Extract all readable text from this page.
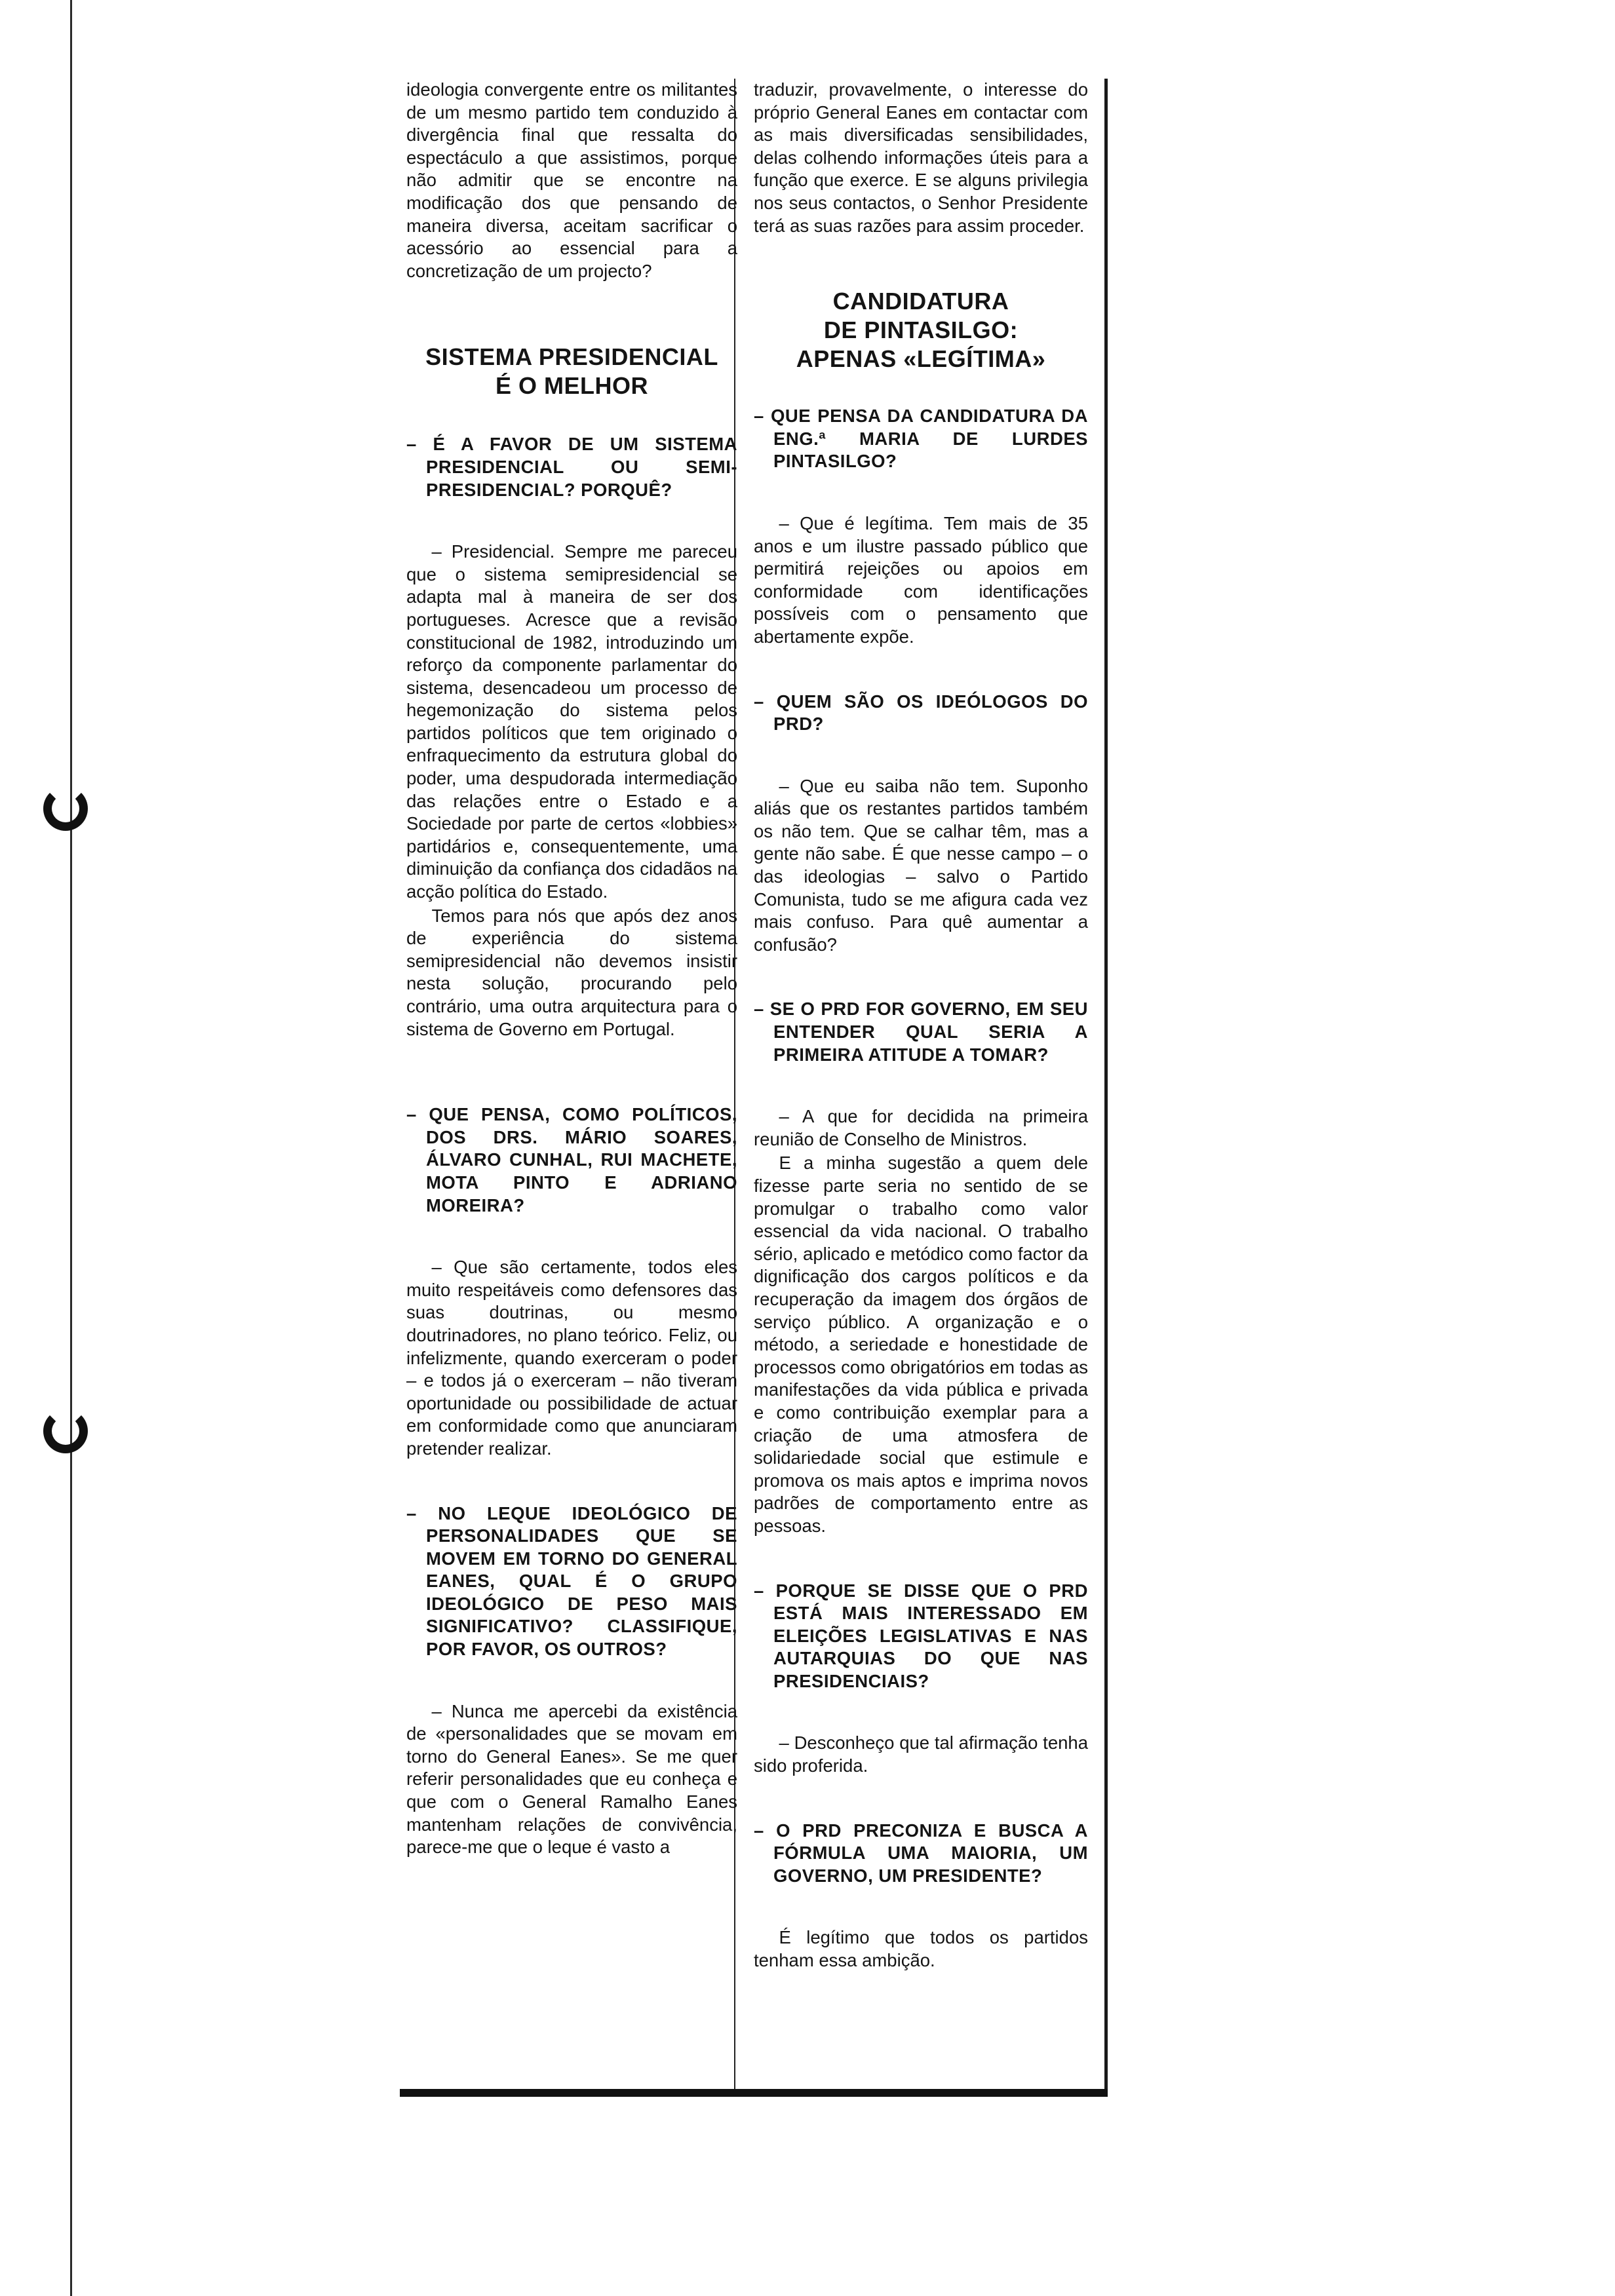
ideologia convergente entre os militantes de um mesmo partido tem conduzido à divergência final que ressalta do espectáculo a que assistimos, porque não admitir que se encontre na modificação dos que pensando de maneira diversa, aceitam sacrificar o acessório ao essencial para a concretização de um projecto?

SISTEMA PRESIDENCIAL
É O MELHOR

– É A FAVOR DE UM SISTEMA PRESIDENCIAL OU SEMI-PRESIDENCIAL? PORQUÊ?

– Presidencial. Sempre me pareceu que o sistema semipresidencial se adapta mal à maneira de ser dos portugueses. Acresce que a revisão constitucional de 1982, introduzindo um reforço da componente parlamentar do sistema, desencadeou um processo de hegemonização do sistema pelos partidos políticos que tem originado o enfraquecimento da estrutura global do poder, uma despudorada intermediação das relações entre o Estado e a Sociedade por parte de certos «lobbies» partidários e, consequentemente, uma diminuição da confiança dos cidadãos na acção política do Estado.

Temos para nós que após dez anos de experiência do sistema semipresidencial não devemos insistir nesta solução, procurando pelo contrário, uma outra arquitectura para o sistema de Governo em Portugal.

– QUE PENSA, COMO POLÍTICOS, DOS DRS. MÁRIO SOARES, ÁLVARO CUNHAL, RUI MACHETE, MOTA PINTO E ADRIANO MOREIRA?

– Que são certamente, todos eles muito respeitáveis como defensores das suas doutrinas, ou mesmo doutrinadores, no plano teórico. Feliz, ou infelizmente, quando exerceram o poder – e todos já o exerceram – não tiveram oportunidade ou possibilidade de actuar em conformidade como que anunciaram pretender realizar.

– NO LEQUE IDEOLÓGICO DE PERSONALIDADES QUE SE MOVEM EM TORNO DO GENERAL EANES, QUAL É O GRUPO IDEOLÓGICO DE PESO MAIS SIGNIFICATIVO? CLASSIFIQUE, POR FAVOR, OS OUTROS?

– Nunca me apercebi da existência de «personalidades que se movam em torno do General Eanes». Se me quer referir personalidades que eu conheça e que com o General Ramalho Eanes mantenham relações de convivência, parece-me que o leque é vasto a

traduzir, provavelmente, o interesse do próprio General Eanes em contactar com as mais diversificadas sensibilidades, delas colhendo informações úteis para a função que exerce. E se alguns privilegia nos seus contactos, o Senhor Presidente terá as suas razões para assim proceder.

CANDIDATURA
DE PINTASILGO:
APENAS «LEGÍTIMA»

– QUE PENSA DA CANDIDATURA DA ENG.ª MARIA DE LURDES PINTASILGO?

– Que é legítima. Tem mais de 35 anos e um ilustre passado público que permitirá rejeições ou apoios em conformidade com identificações possíveis com o pensamento que abertamente expõe.

– QUEM SÃO OS IDEÓLOGOS DO PRD?

– Que eu saiba não tem. Suponho aliás que os restantes partidos também os não tem. Que se calhar têm, mas a gente não sabe. É que nesse campo – o das ideologias – salvo o Partido Comunista, tudo se me afigura cada vez mais confuso. Para quê aumentar a confusão?

– SE O PRD FOR GOVERNO, EM SEU ENTENDER QUAL SERIA A PRIMEIRA ATITUDE A TOMAR?

– A que for decidida na primeira reunião de Conselho de Ministros.

E a minha sugestão a quem dele fizesse parte seria no sentido de se promulgar o trabalho como valor essencial da vida nacional. O trabalho sério, aplicado e metódico como factor da dignificação dos cargos políticos e da recuperação da imagem dos órgãos de serviço público. A organização e o método, a seriedade e honestidade de processos como obrigatórios em todas as manifestações da vida pública e privada e como contribuição exemplar para a criação de uma atmosfera de solidariedade social que estimule e promova os mais aptos e imprima novos padrões de comportamento entre as pessoas.

– PORQUE SE DISSE QUE O PRD ESTÁ MAIS INTERESSADO EM ELEIÇÕES LEGISLATIVAS E NAS AUTARQUIAS DO QUE NAS PRESIDENCIAIS?

– Desconheço que tal afirmação tenha sido proferida.

– O PRD PRECONIZA E BUSCA A FÓRMULA UMA MAIORIA, UM GOVERNO, UM PRESIDENTE?

É legítimo que todos os partidos tenham essa ambição.
